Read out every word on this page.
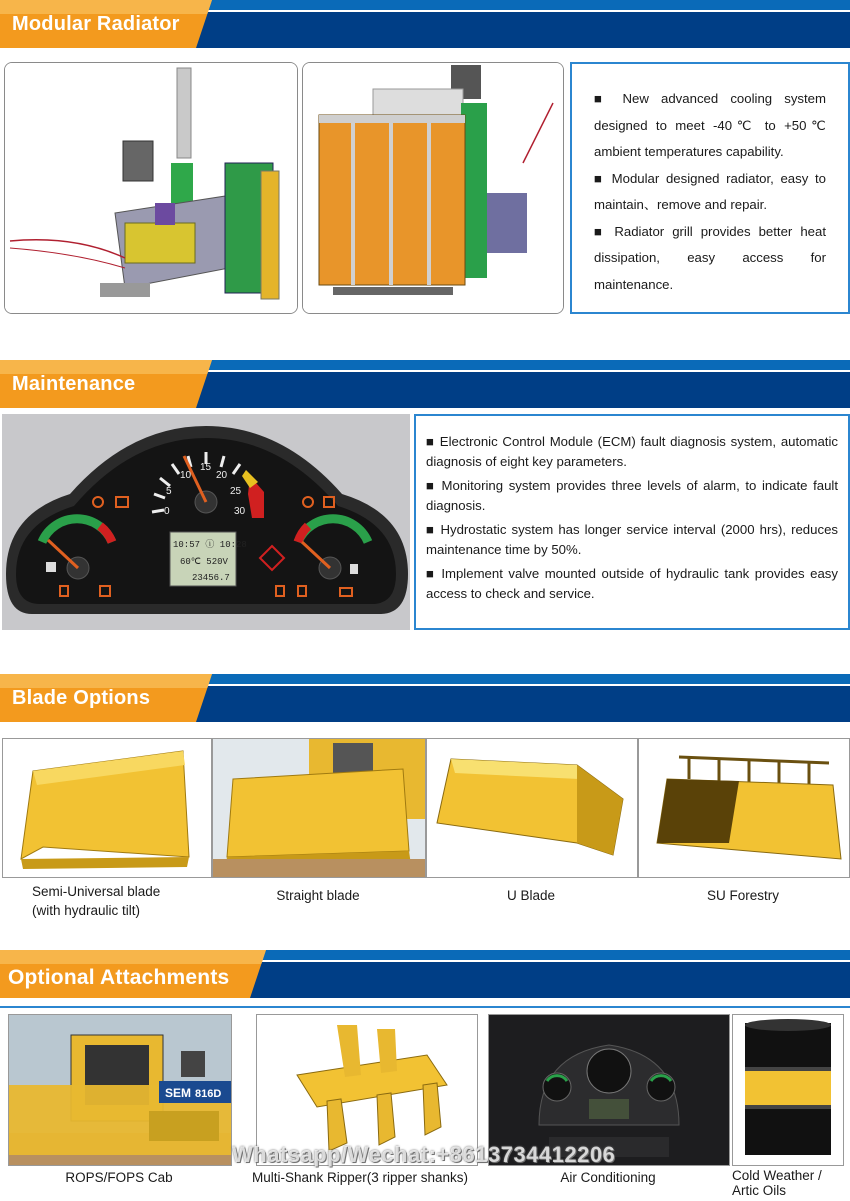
Modular Radiator

■ New advanced cooling system designed to meet -40℃ to +50℃ ambient temperatures capability.

■ Modular designed radiator, easy to maintain、remove and repair.

■ Radiator grill provides better heat dissipation, easy access for maintenance.

Maintenance
0
5
10
15
20
25
30
10:57 ⓘ 10:28
60℃ 520V
23456.7

■ Electronic Control Module (ECM) fault diagnosis system, automatic diagnosis of eight key parameters.

■ Monitoring system provides three levels of alarm, to indicate fault diagnosis.

■ Hydrostatic system has longer service interval (2000 hrs), reduces maintenance time by 50%.

■ Implement valve mounted outside of hydraulic tank provides easy access to check and service.

Blade Options
Semi-Universal blade
(with hydraulic tilt)
Straight blade	U Blade	SU Forestry
Optional Attachments
SEM 816D
ROPS/FOPS Cab	Multi-Shank Ripper(3 ripper shanks)	Air Conditioning	Cold Weather /
Artic Oils
Whatsapp/Wechat:+8613734412206
